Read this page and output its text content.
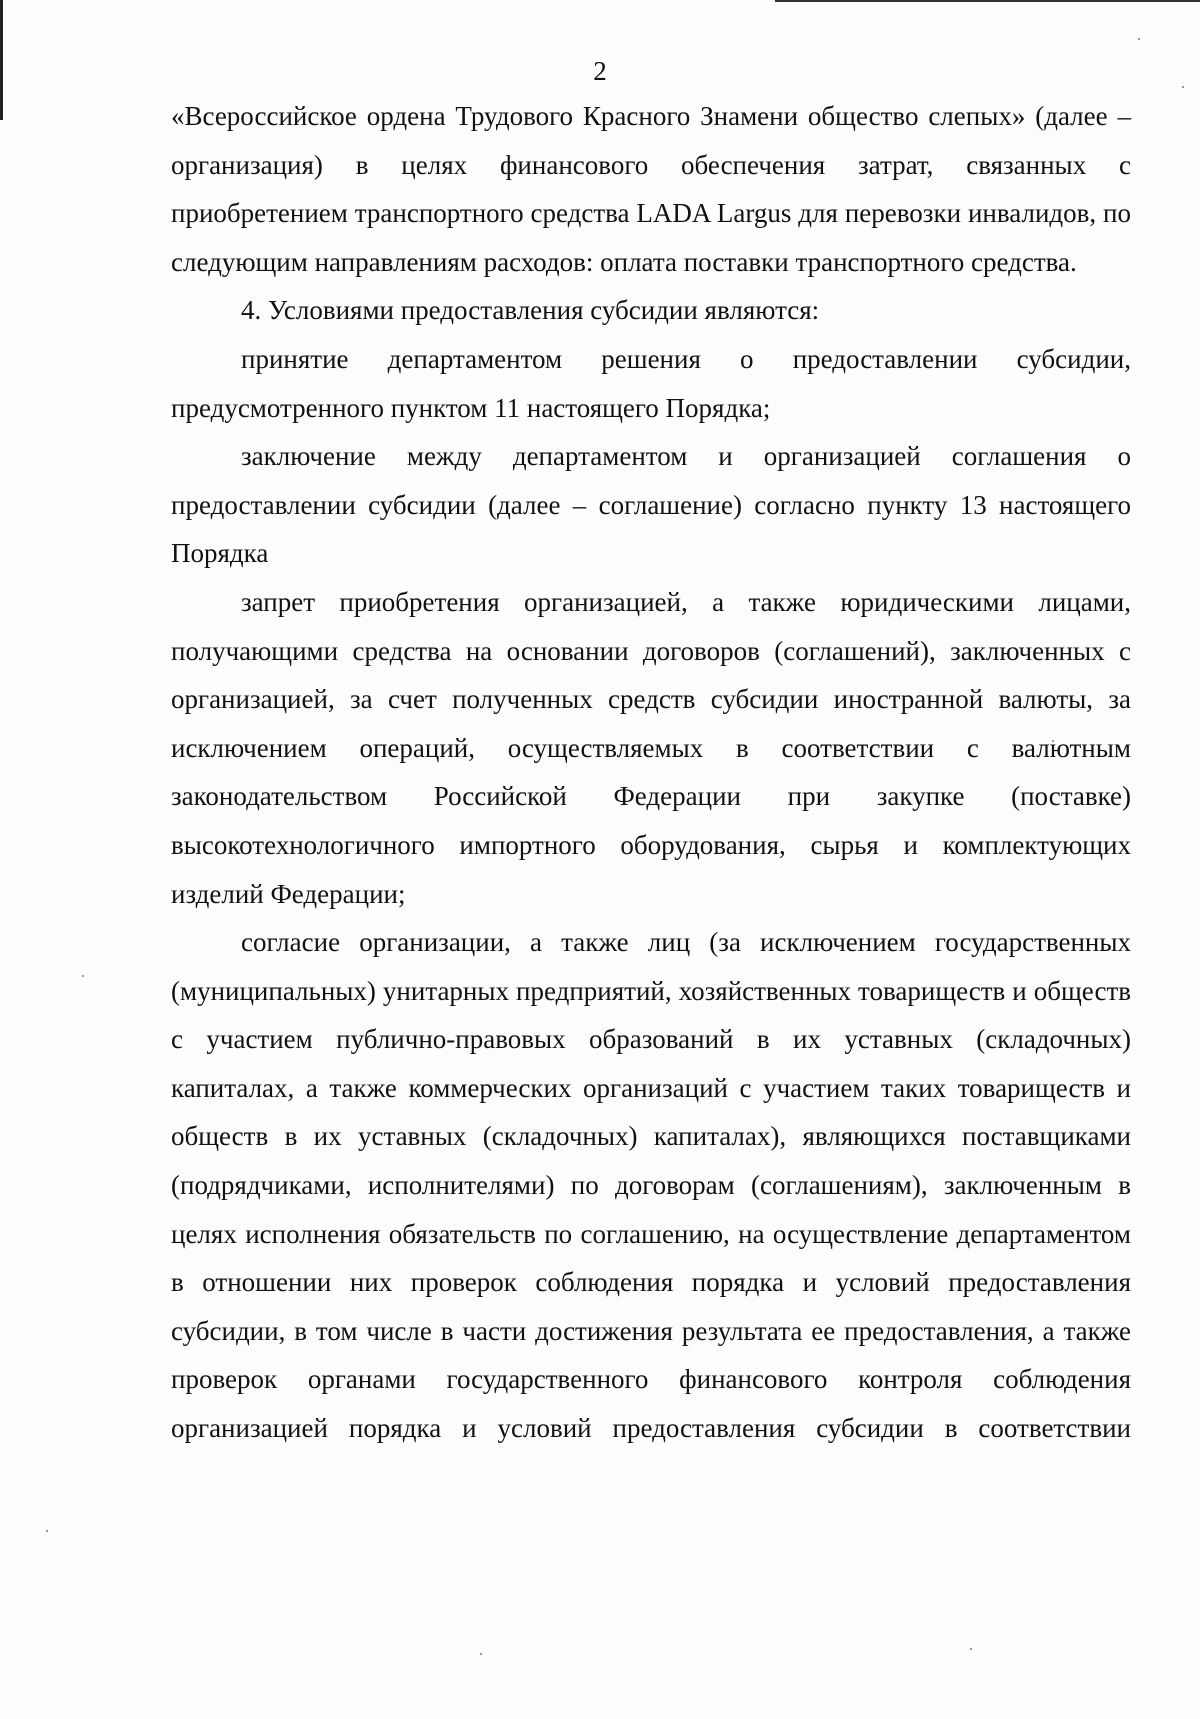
2

«Всероссийское ордена Трудового Красного Знамени общество слепых» (далее – организация) в целях финансового обеспечения затрат, связанных с приобретением транспортного средства LADA Largus для перевозки инвалидов, по следующим направлениям расходов: оплата поставки транспортного средства.

4. Условиями предоставления субсидии являются:

принятие департаментом решения о предоставлении субсидии, предусмотренного пунктом 11 настоящего Порядка;

заключение между департаментом и организацией соглашения о предоставлении субсидии (далее – соглашение) согласно пункту 13 настоящего Порядка

запрет приобретения организацией, а также юридическими лицами, получающими средства на основании договоров (соглашений), заключенных с организацией, за счет полученных средств субсидии иностранной валюты, за исключением операций, осуществляемых в соответствии с валютным законодательством Российской Федерации при закупке (поставке) высокотехнологичного импортного оборудования, сырья и комплектующих изделий Федерации;

согласие организации, а также лиц (за исключением государственных (муниципальных) унитарных предприятий, хозяйственных товариществ и обществ с участием публично-правовых образований в их уставных (складочных) капиталах, а также коммерческих организаций с участием таких товариществ и обществ в их уставных (складочных) капиталах), являющихся поставщиками (подрядчиками, исполнителями) по договорам (соглашениям), заключенным в целях исполнения обязательств по соглашению, на осуществление департаментом в отношении них проверок соблюдения порядка и условий предоставления субсидии, в том числе в части достижения результата ее предоставления, а также проверок органами государственного финансового контроля соблюдения организацией порядка и условий предоставления субсидии в соответствии
